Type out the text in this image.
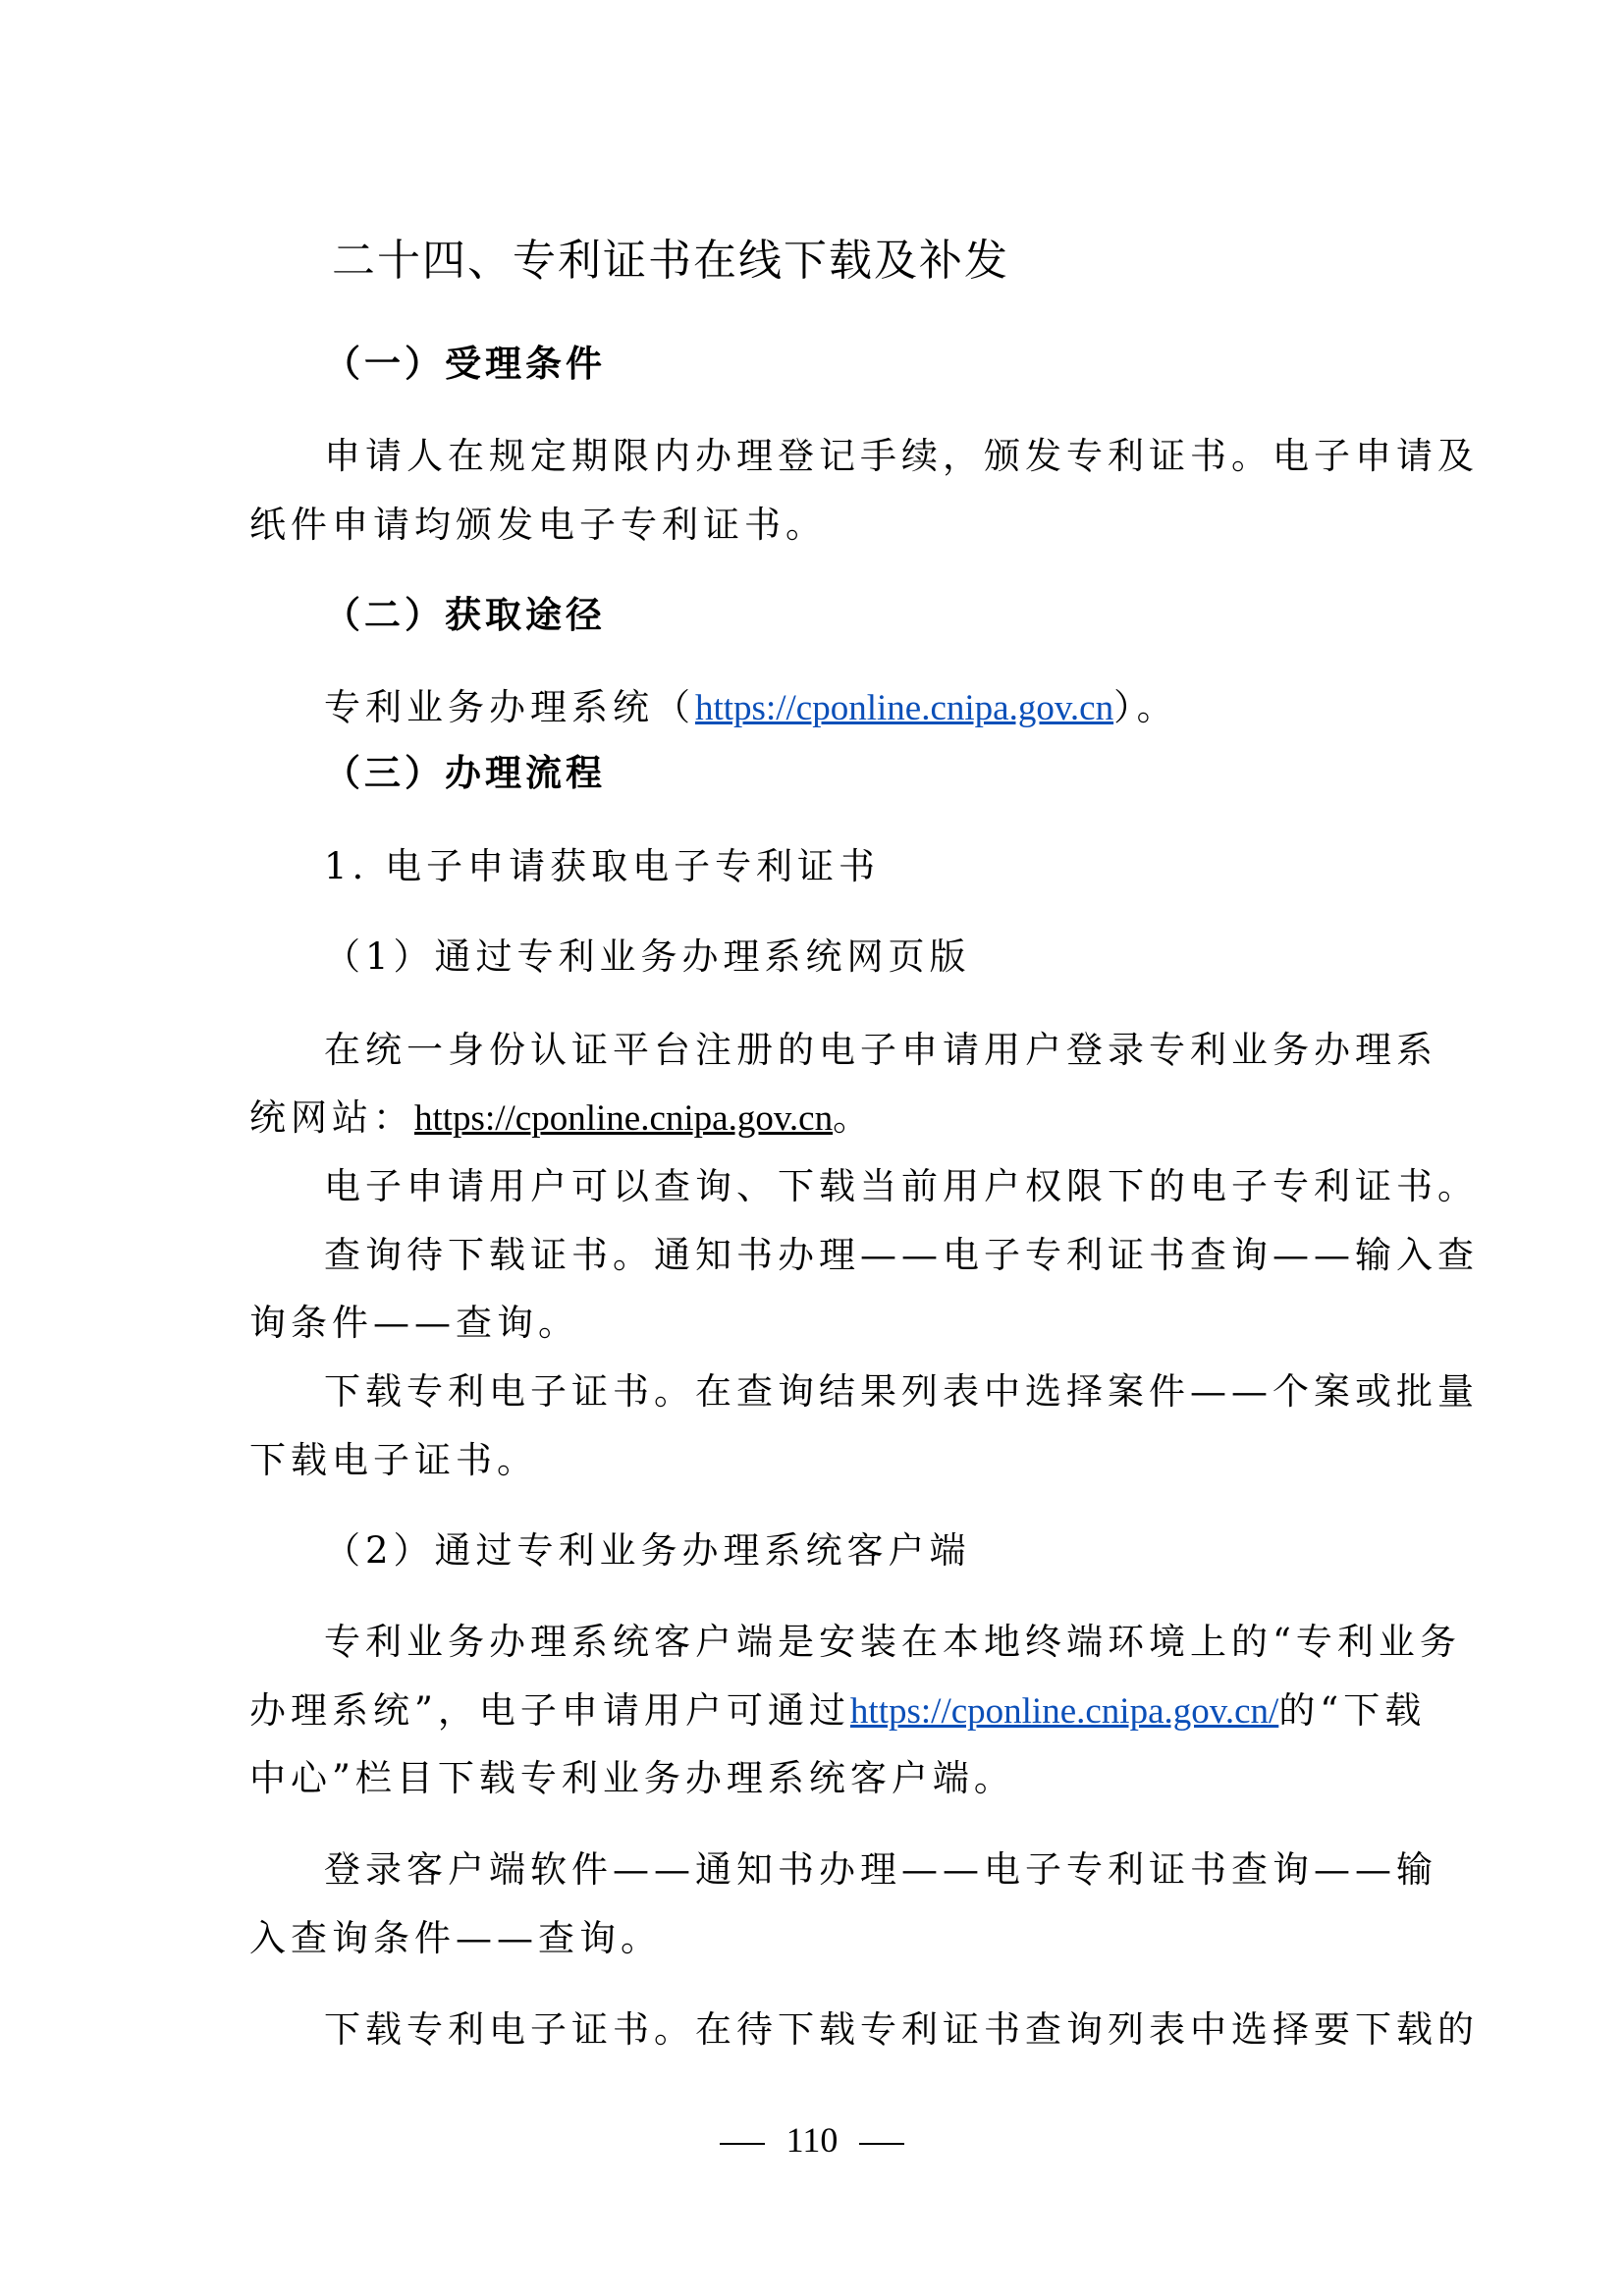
二十四、专利证书在线下载及补发
（一）受理条件
申请人在规定期限内办理登记手续，颁发专利证书。电子申请及
纸件申请均颁发电子专利证书。
（二）获取途径
专利业务办理系统（https://cponline.cnipa.gov.cn）。
（三）办理流程
1. 电子申请获取电子专利证书
（1）通过专利业务办理系统网页版
在统一身份认证平台注册的电子申请用户登录专利业务办理系
统网站：https://cponline.cnipa.gov.cn。
电子申请用户可以查询、下载当前用户权限下的电子专利证书。
查询待下载证书。通知书办理——电子专利证书查询——输入查
询条件——查询。
下载专利电子证书。在查询结果列表中选择案件——个案或批量
下载电子证书。
（2）通过专利业务办理系统客户端
专利业务办理系统客户端是安装在本地终端环境上的“专利业务
办理系统”，电子申请用户可通过https://cponline.cnipa.gov.cn/的“下载
中心”栏目下载专利业务办理系统客户端。
登录客户端软件——通知书办理——电子专利证书查询——输
入查询条件——查询。
下载专利电子证书。在待下载专利证书查询列表中选择要下载的
110
